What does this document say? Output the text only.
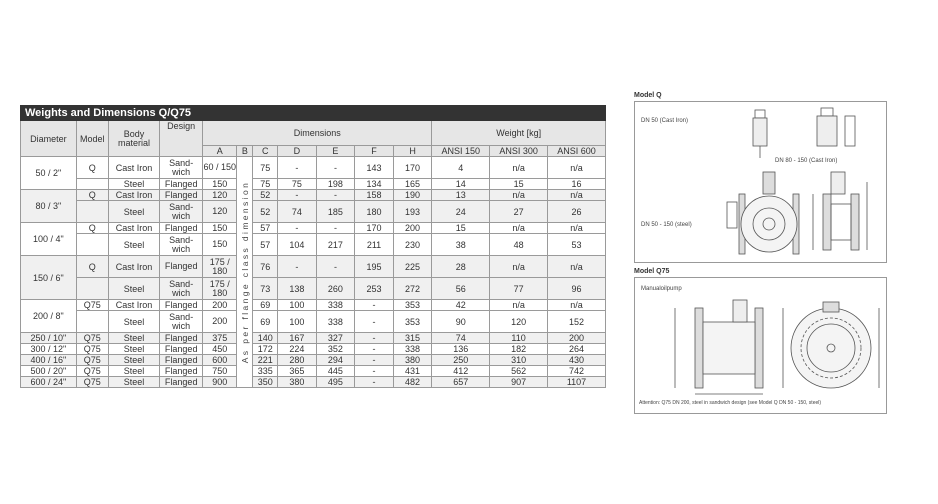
Weights and Dimensions Q/Q75													
Diameter	Model	Body material	Design	Dimensions							Weight [kg]		
				A	B	C	D	E	F	H	ANSI 150	ANSI 300	ANSI 600
50 / 2"	Q	Cast Iron	Sand-wich	60 / 150	As per flange class dimension	75	-	-	143	170	4	n/a	n/a
		Steel	Flanged	150		75	75	198	134	165	14	15	16
80 / 3"	Q	Cast Iron	Flanged	120		52	-	-	158	190	13	n/a	n/a
		Steel	Sand-wich	120		52	74	185	180	193	24	27	26
100 / 4"	Q	Cast Iron	Flanged	150		57	-	-	170	200	15	n/a	n/a
		Steel	Sand-wich	150		57	104	217	211	230	38	48	53
150 / 6"	Q	Cast Iron	Flanged	175 / 180		76	-	-	195	225	28	n/a	n/a
		Steel	Sand-wich	175 / 180		73	138	260	253	272	56	77	96
200 / 8"	Q75	Cast Iron	Flanged	200		69	100	338	-	353	42	n/a	n/a
		Steel	Sand-wich	200		69	100	338	-	353	90	120	152
250 / 10"	Q75	Steel	Flanged	375		140	167	327	-	315	74	110	200
300 / 12"	Q75	Steel	Flanged	450		172	224	352	-	338	136	182	264
400 / 16"	Q75	Steel	Flanged	600		221	280	294	-	380	250	310	430
500 / 20"	Q75	Steel	Flanged	750		335	365	445	-	431	412	562	742
600 / 24"	Q75	Steel	Flanged	900		350	380	495	-	482	657	907	1107
Model Q
DN 50 (Cast Iron)
DN 80 - 150 (Cast Iron)
DN 50 - 150 (steel)
Model Q75
Manualoilpump
Attention: Q75 DN 200, steel in sandwich design (see Model Q DN 50 - 150, steel)
